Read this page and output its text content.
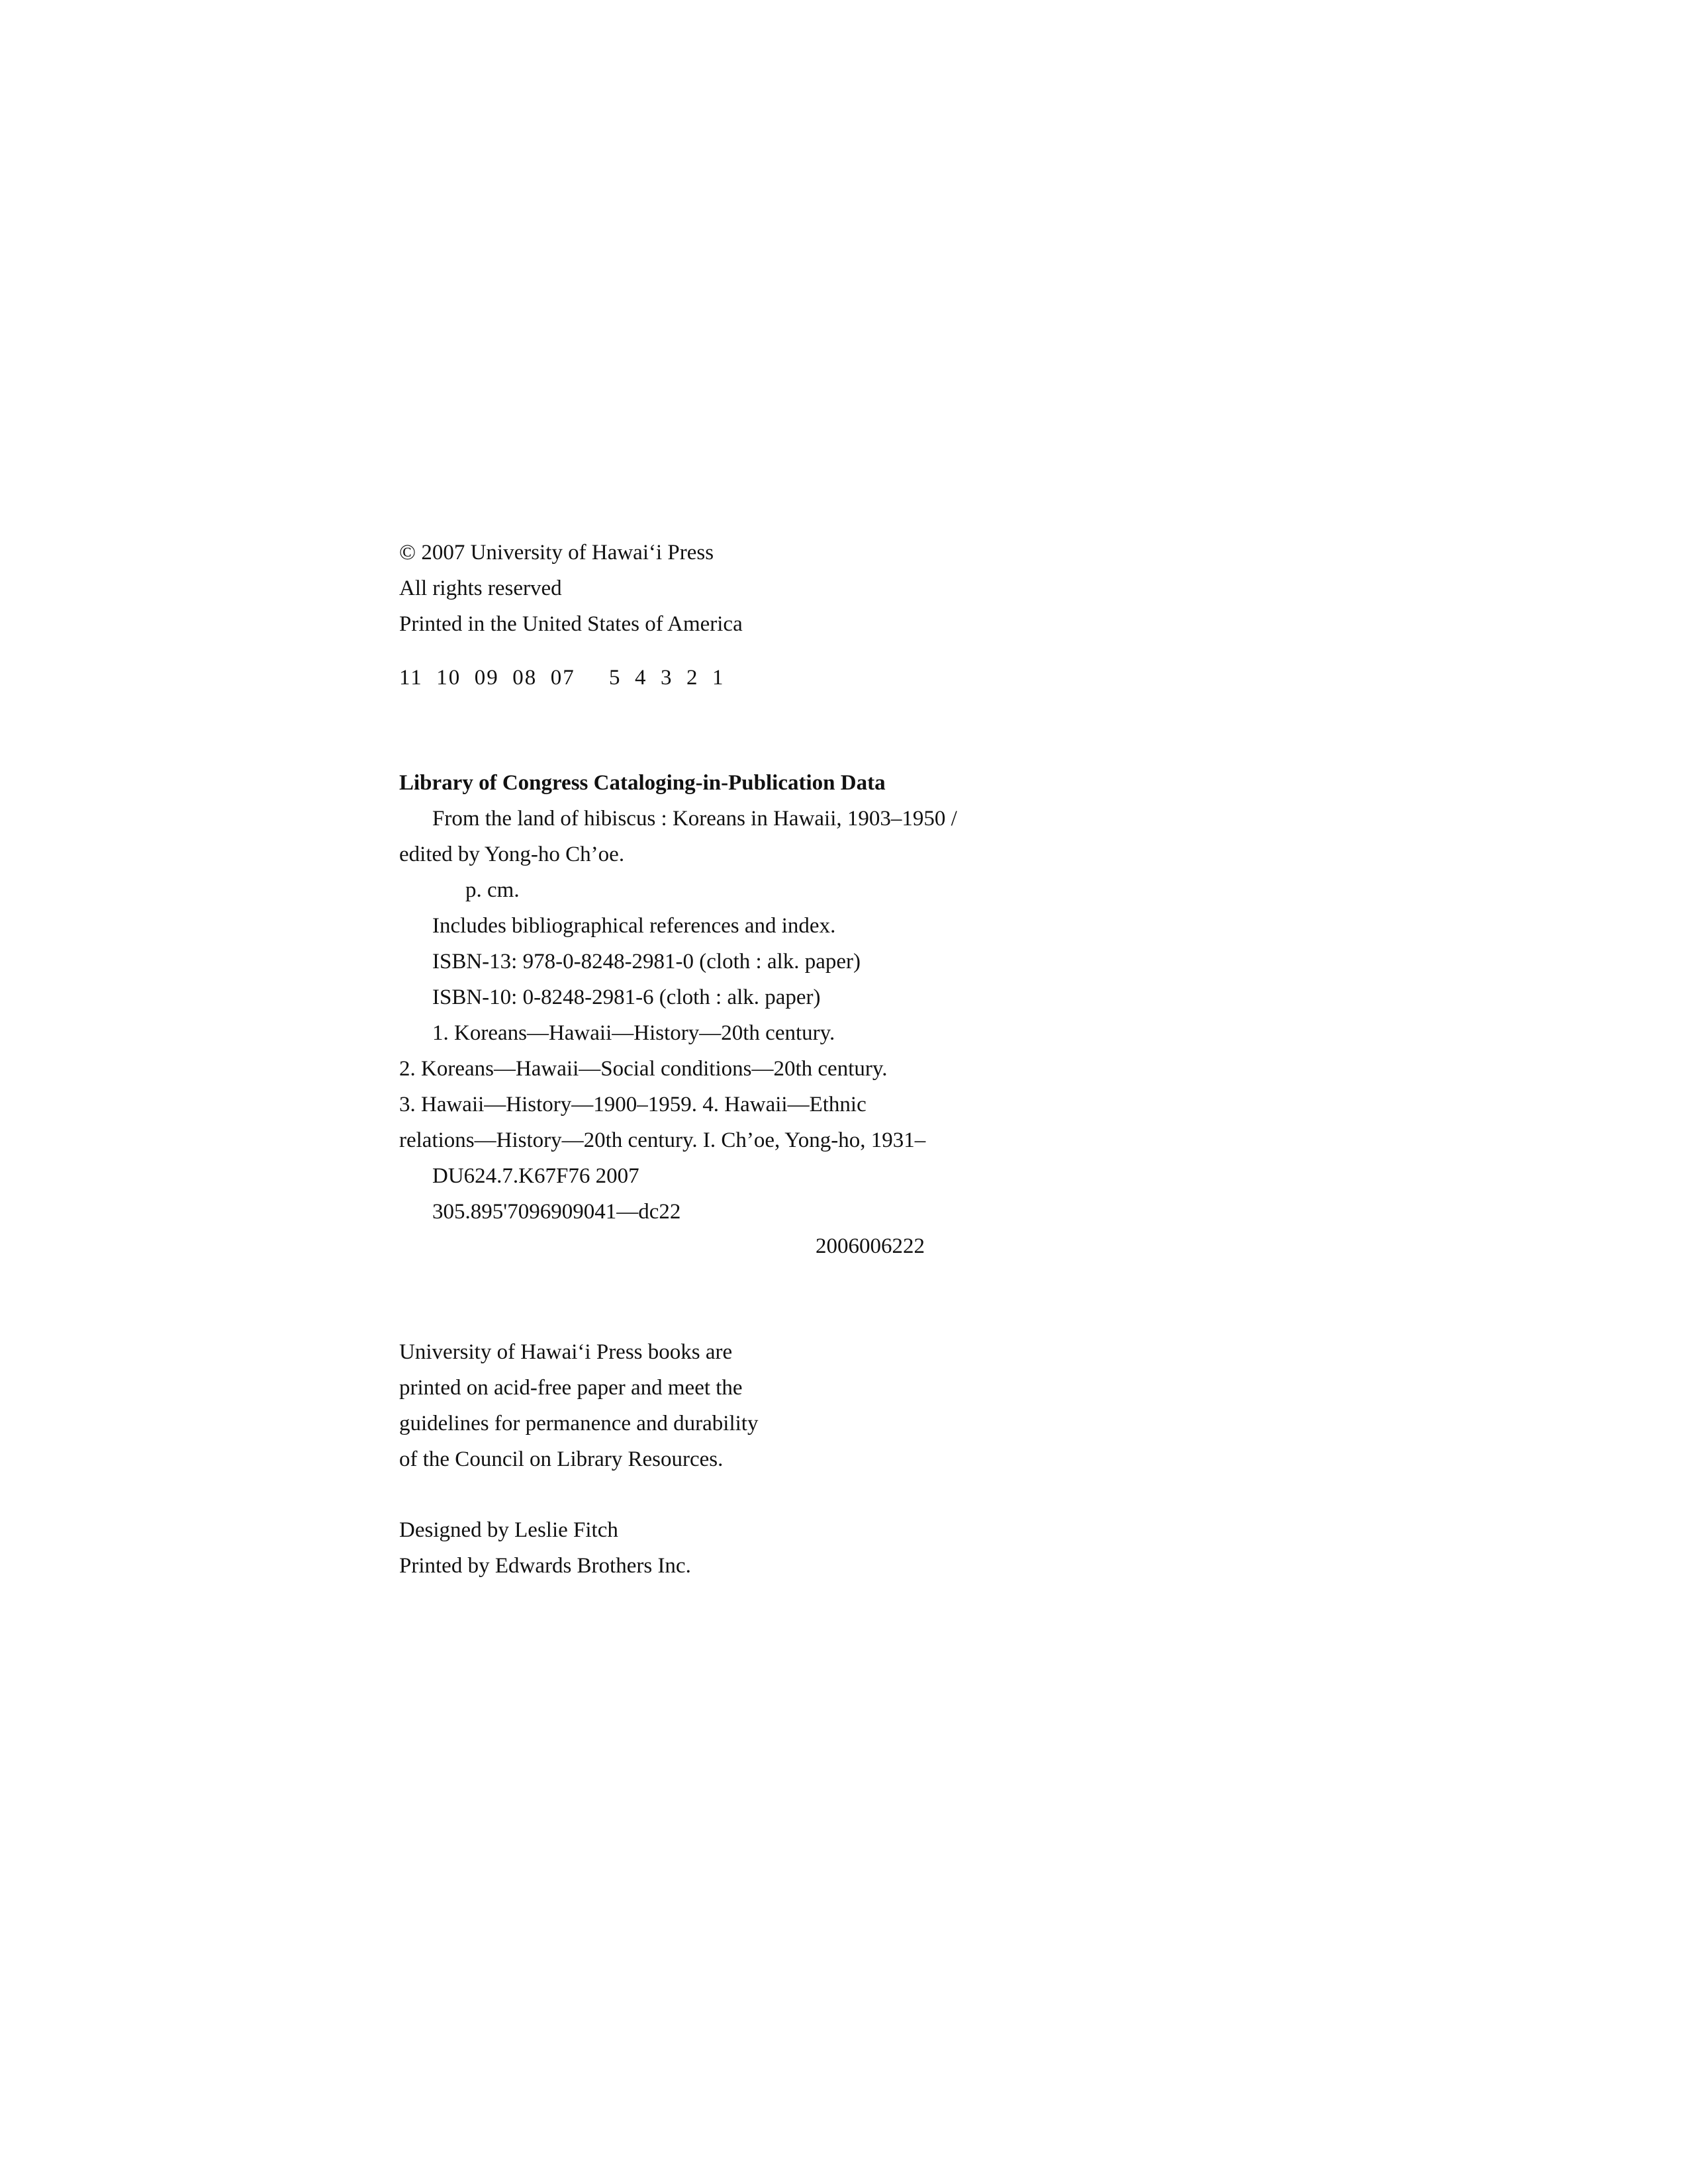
© 2007 University of Hawai‘i Press
All rights reserved
Printed in the United States of America
11  10  09  08  07     5  4  3  2  1
Library of Congress Cataloging-in-Publication Data
From the land of hibiscus : Koreans in Hawaii, 1903–1950 /
edited by Yong-ho Ch’oe.
p. cm.
Includes bibliographical references and index.
ISBN-13: 978-0-8248-2981-0 (cloth : alk. paper)
ISBN-10: 0-8248-2981-6 (cloth : alk. paper)
1. Koreans—Hawaii—History—20th century.
2. Koreans—Hawaii—Social conditions—20th century.
3. Hawaii—History—1900–1959. 4. Hawaii—Ethnic
relations—History—20th century. I. Ch’oe, Yong-ho, 1931–
DU624.7.K67F76 2007
305.895'7096909041—dc22
2006006222
University of Hawai‘i Press books are
printed on acid-free paper and meet the
guidelines for permanence and durability
of the Council on Library Resources.
Designed by Leslie Fitch
Printed by Edwards Brothers Inc.
